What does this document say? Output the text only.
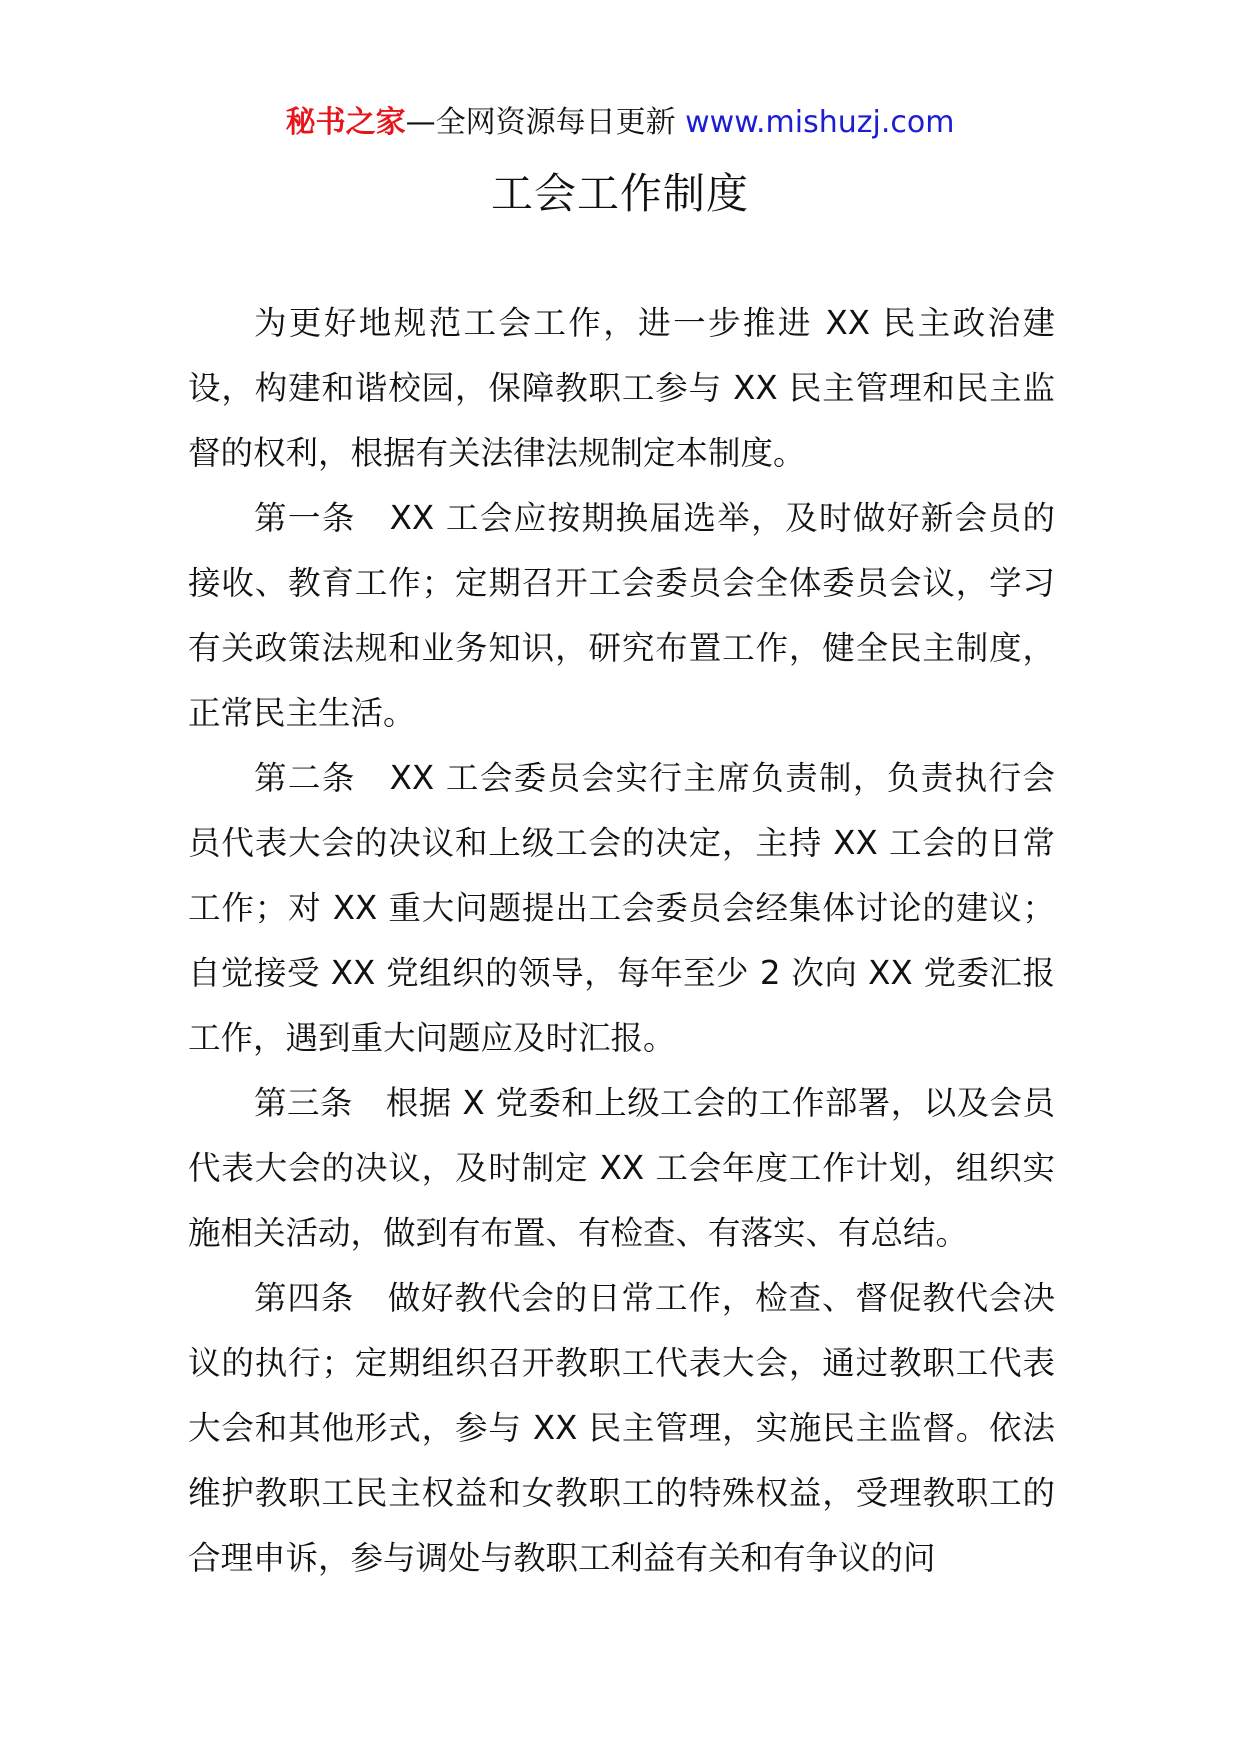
秘书之家—全网资源每日更新 www.mishuzj.com
工会工作制度

为更好地规范工会工作，进一步推进 XX 民主政治建设，构建和谐校园，保障教职工参与 XX 民主管理和民主监督的权利，根据有关法律法规制定本制度。

第一条　XX 工会应按期换届选举，及时做好新会员的接收、教育工作；定期召开工会委员会全体委员会议，学习有关政策法规和业务知识，研究布置工作，健全民主制度，正常民主生活。

第二条　XX 工会委员会实行主席负责制，负责执行会员代表大会的决议和上级工会的决定，主持 XX 工会的日常工作；对 XX 重大问题提出工会委员会经集体讨论的建议；自觉接受 XX 党组织的领导，每年至少 2 次向 XX 党委汇报工作，遇到重大问题应及时汇报。

第三条　根据 X 党委和上级工会的工作部署，以及会员代表大会的决议，及时制定 XX 工会年度工作计划，组织实施相关活动，做到有布置、有检查、有落实、有总结。

第四条　做好教代会的日常工作，检查、督促教代会决议的执行；定期组织召开教职工代表大会，通过教职工代表大会和其他形式，参与 XX 民主管理，实施民主监督。依法维护教职工民主权益和女教职工的特殊权益，受理教职工的合理申诉，参与调处与教职工利益有关和有争议的问
